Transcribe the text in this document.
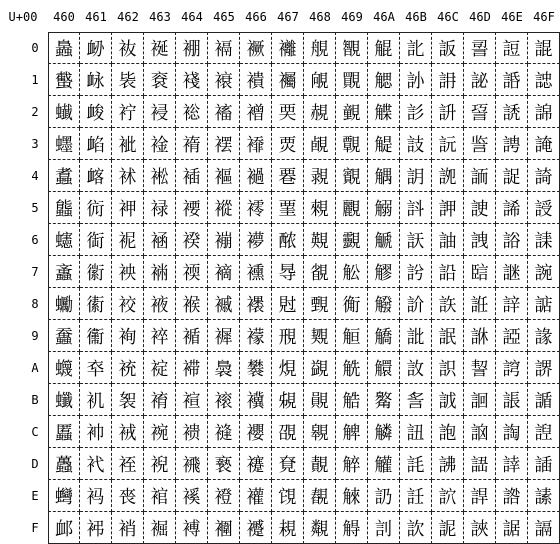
U+00	460 461 462 463 464 465 466 467 468 469 46A 46B 46C 46D 46E 46F
0 䘀 䘐 䘠 䘰 䙀 䙐 䙠 䙰 䚀 䚐 䚠 䚰 䛀 䛐 䛠 䛰
1 䘁 䘑 䘡 䘱 䙁 䙑 䙡 䙱 䚁 䚑 䚡 䚱 䛁 䛑 䛡 䛱
2 䘂 䘒 䘢 䘲 䙂 䙒 䙢 䙲 䚂 䚒 䚢 䚲 䛂 䛒 䛢 䛲
3 䘃 䘓 䘣 䘳 䙃 䙓 䙣 䙳 䚃 䚓 䚣 䚳 䛃 䛓 䛣 䛳
4 䘄 䘔 䘤 䘴 䙄 䙔 䙤 䙴 䚄 䚔 䚤 䚴 䛄 䛔 䛤 䛴
5 䘅 䘕 䘥 䘵 䙅 䙕 䙥 䙵 䚅 䚕 䚥 䚵 䛅 䛕 䛥 䛵
6 䘆 䘖 䘦 䘶 䙆 䙖 䙦 䙶 䚆 䚖 䚦 䚶 䛆 䛖 䛦 䛶
7 䘇 䘗 䘧 䘷 䙇 䙗 䙧 䙷 䚇 䚗 䚧 䚷 䛇 䛗 䛧 䛷
8 䘈 䘘 䘨 䘸 䙈 䙘 䙨 䙸 䚈 䚘 䚨 䚸 䛈 䛘 䛨 䛸
9 䘉 䘙 䘩 䘹 䙉 䙙 䙩 䙹 䚉 䚙 䚩 䚹 䛉 䛙 䛩 䛹
A 䘊 䘚 䘪 䘺 䙊 䙚 䙪 䙺 䚊 䚚 䚪 䚺 䛊 䛚 䛪 䛺
B 䘋 䘛 䘫 䘻 䙋 䙛 䙫 䙻 䚋 䚛 䚫 䚻 䛋 䛛 䛫 䛻
C 䘌 䘜 䘬 䘼 䙌 䙜 䙬 䙼 䚌 䚜 䚬 䚼 䛌 䛜 䛬 䛼
D 䘍 䘝 䘭 䘽 䙍 䙝 䙭 䙽 䚍 䚝 䚭 䚽 䛍 䛝 䛭 䛽
E 䘎 䘞 䘮 䘾 䙎 䙞 䙮 䙾 䚎 䚞 䚮 䚾 䛎 䛞 䛮 䛾
F 䘏 䘟 䘯 䘿 䙏 䙟 䙯 䙿 䚏 䚟 䚯 䚿 䛏 䛟 䛯 䛿
